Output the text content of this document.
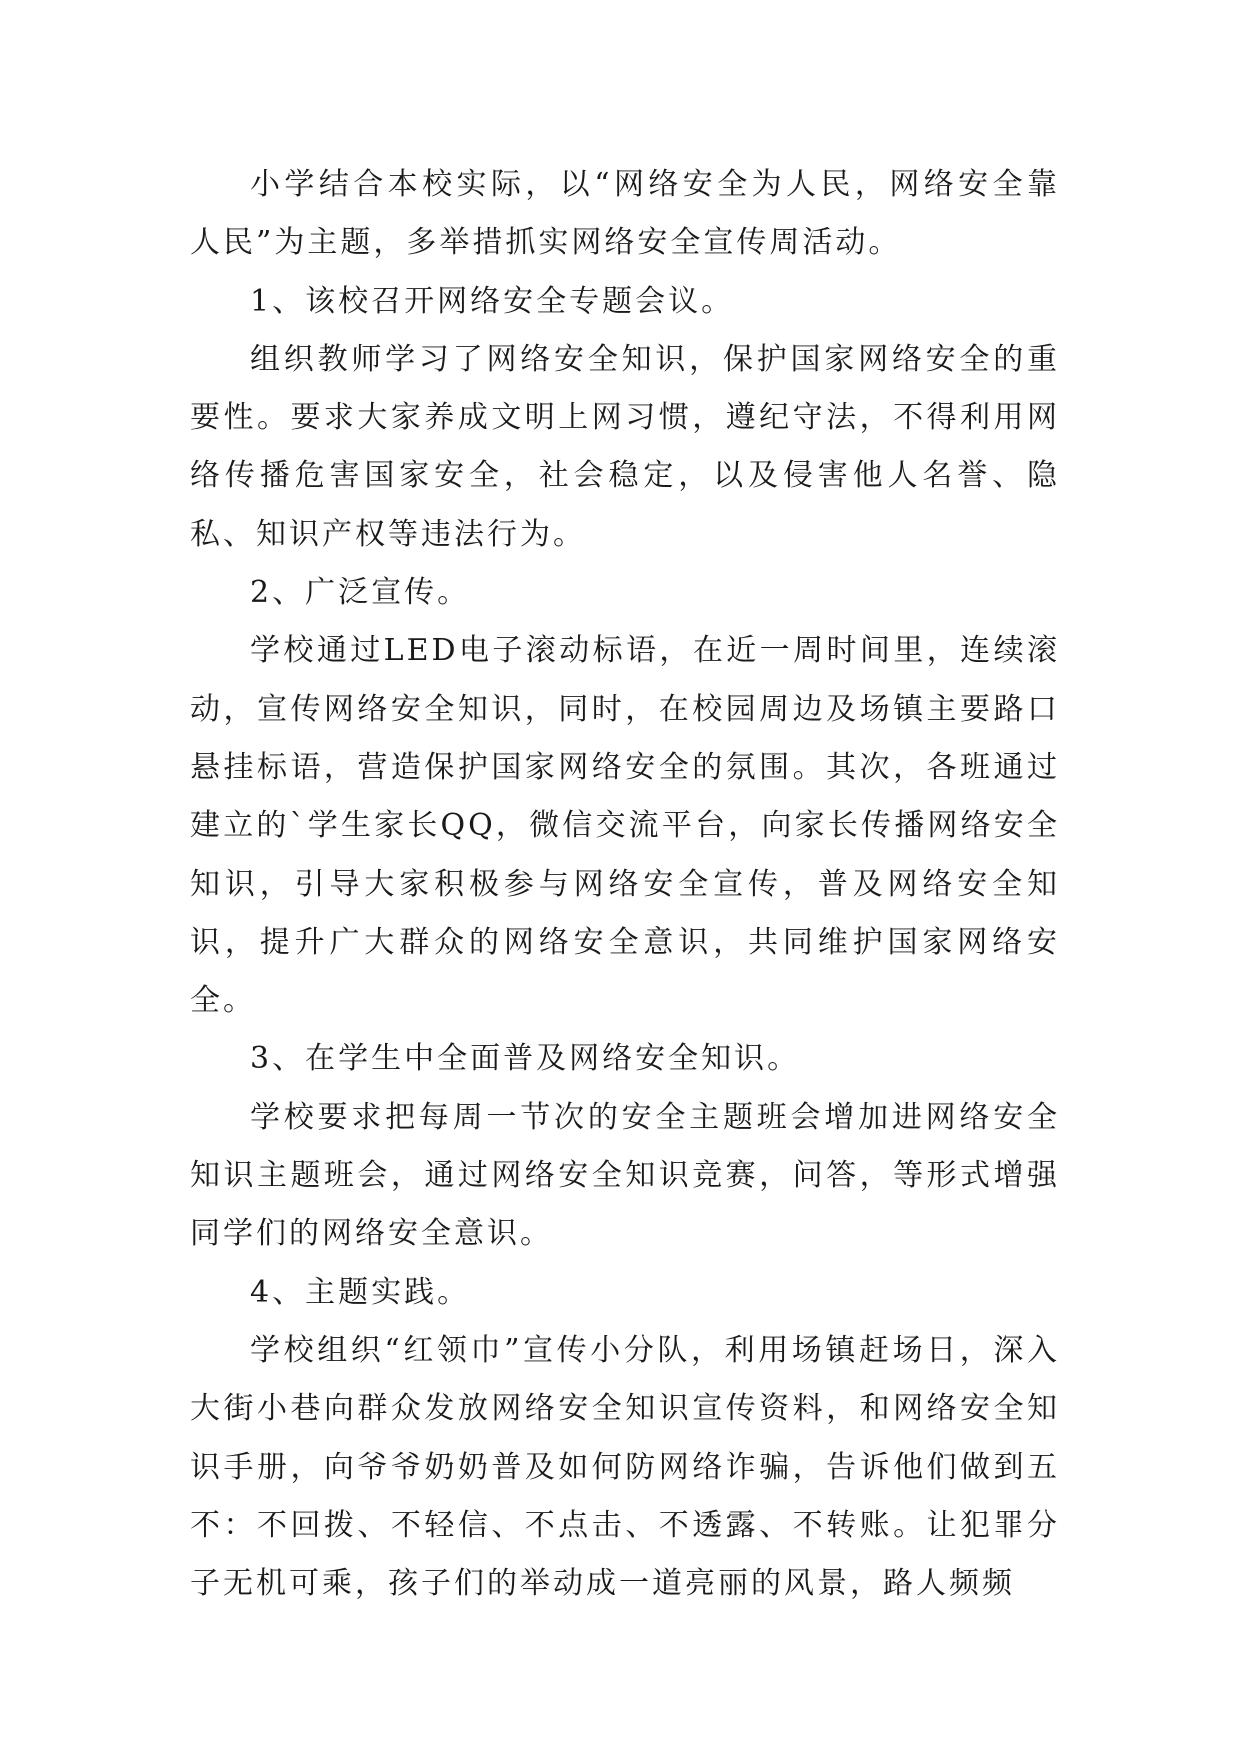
小学结合本校实际，以“网络安全为人民，网络安全靠人民”为主题，多举措抓实网络安全宣传周活动。

1、该校召开网络安全专题会议。

组织教师学习了网络安全知识，保护国家网络安全的重要性。要求大家养成文明上网习惯，遵纪守法，不得利用网络传播危害国家安全，社会稳定，以及侵害他人名誉、隐私、知识产权等违法行为。

2、广泛宣传。

学校通过LED电子滚动标语，在近一周时间里，连续滚动，宣传网络安全知识，同时，在校园周边及场镇主要路口悬挂标语，营造保护国家网络安全的氛围。其次，各班通过建立的`学生家长QQ，微信交流平台，向家长传播网络安全知识，引导大家积极参与网络安全宣传，普及网络安全知识，提升广大群众的网络安全意识，共同维护国家网络安全。

3、在学生中全面普及网络安全知识。

学校要求把每周一节次的安全主题班会增加进网络安全知识主题班会，通过网络安全知识竞赛，问答，等形式增强同学们的网络安全意识。

4、主题实践。

学校组织“红领巾”宣传小分队，利用场镇赶场日，深入大街小巷向群众发放网络安全知识宣传资料，和网络安全知识手册，向爷爷奶奶普及如何防网络诈骗，告诉他们做到五不：不回拨、不轻信、不点击、不透露、不转账。让犯罪分子无机可乘，孩子们的举动成一道亮丽的风景，路人频频
